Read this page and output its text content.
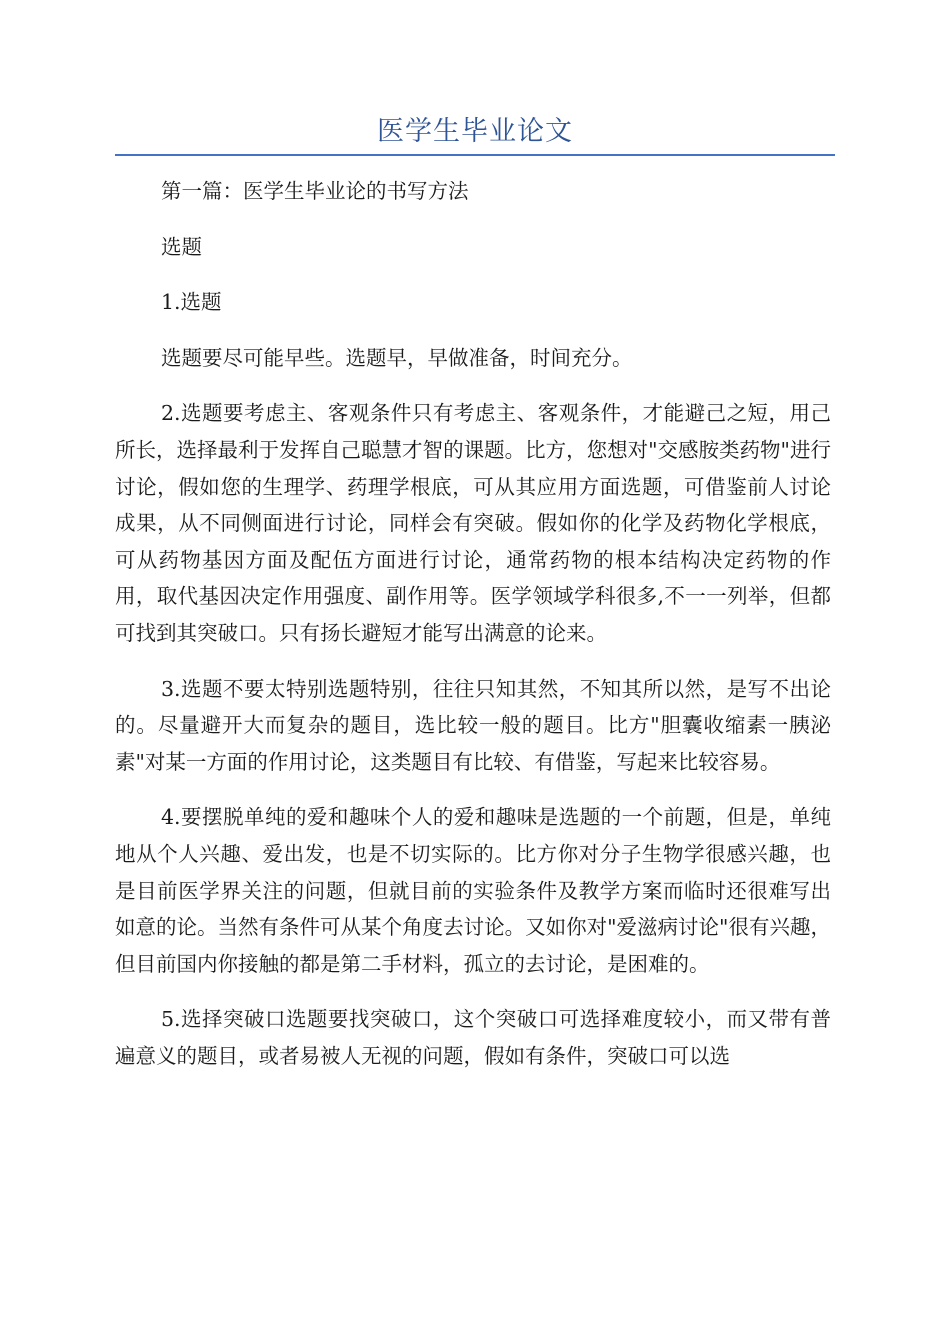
医学生毕业论文

第一篇：医学生毕业论的书写方法

选题

1.选题

选题要尽可能早些。选题早，早做准备，时间充分。

2.选题要考虑主、客观条件只有考虑主、客观条件，才能避己之短，用己所长，选择最利于发挥自己聪慧才智的课题。比方，您想对"交感胺类药物"进行讨论，假如您的生理学、药理学根底，可从其应用方面选题，可借鉴前人讨论成果，从不同侧面进行讨论，同样会有突破。假如你的化学及药物化学根底，可从药物基因方面及配伍方面进行讨论，通常药物的根本结构决定药物的作用，取代基因决定作用强度、副作用等。医学领域学科很多,不一一列举，但都可找到其突破口。只有扬长避短才能写出满意的论来。

3.选题不要太特别选题特别，往往只知其然，不知其所以然，是写不出论的。尽量避开大而复杂的题目，选比较一般的题目。比方"胆囊收缩素一胰泌素"对某一方面的作用讨论，这类题目有比较、有借鉴，写起来比较容易。

4.要摆脱单纯的爱和趣味个人的爱和趣味是选题的一个前题，但是，单纯地从个人兴趣、爱出发，也是不切实际的。比方你对分子生物学很感兴趣，也是目前医学界关注的问题，但就目前的实验条件及教学方案而临时还很难写出如意的论。当然有条件可从某个角度去讨论。又如你对"爱滋病讨论"很有兴趣，但目前国内你接触的都是第二手材料，孤立的去讨论，是困难的。

5.选择突破口选题要找突破口，这个突破口可选择难度较小，而又带有普遍意义的题目，或者易被人无视的问题，假如有条件，突破口可以选
